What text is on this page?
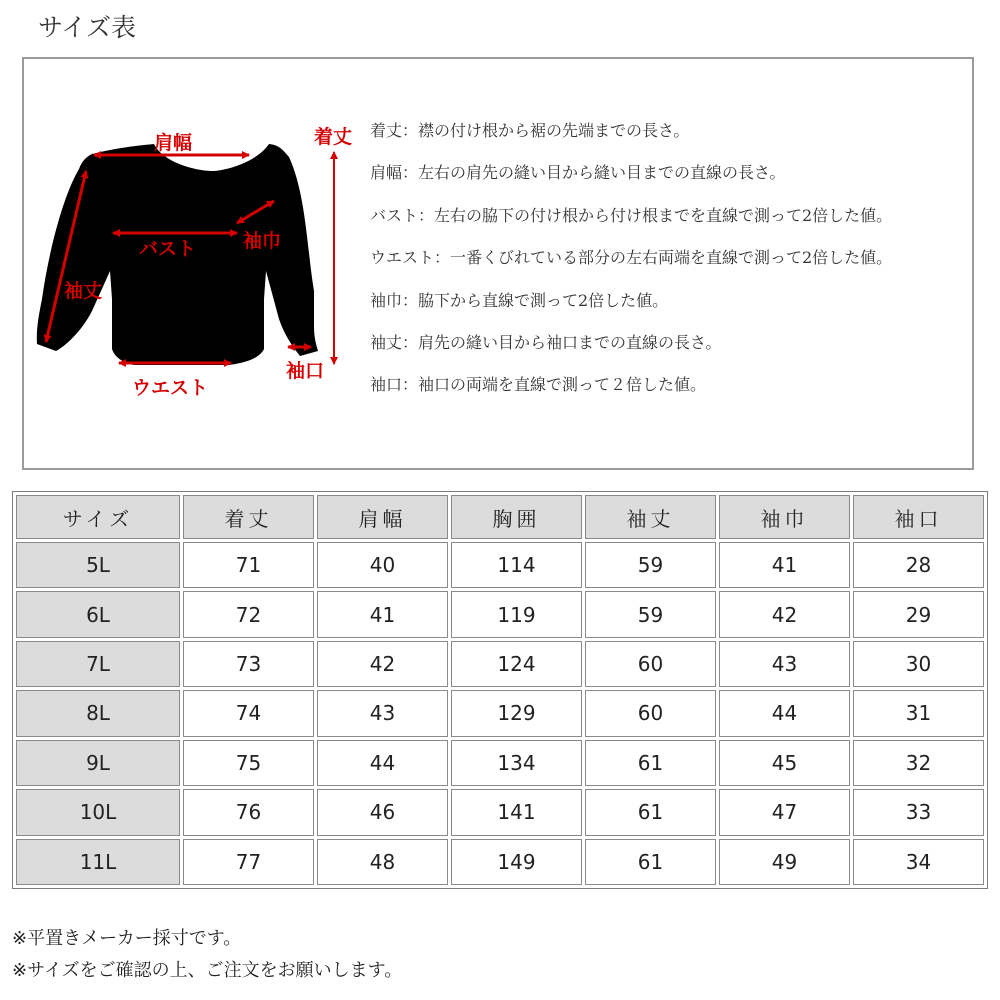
サイズ表
肩幅
バスト 袖巾
袖丈
ウエスト
袖口
着丈 着丈：襟の付け根から裾の先端までの長さ。
肩幅：左右の肩先の縫い目から縫い目までの直線の長さ。
バスト：左右の脇下の付け根から付け根までを直線で測って2倍した値。
ウエスト：一番くびれている部分の左右両端を直線で測って2倍した値。
袖巾：脇下から直線で測って2倍した値。
袖丈：肩先の縫い目から袖口までの直線の長さ。
袖口：袖口の両端を直線で測って２倍した値。
サイズ	着丈	肩幅	胸囲	袖丈	袖巾	袖口
5L	71	40	114	59	41	28
6L	72	41	119	59	42	29
7L	73	42	124	60	43	30
8L	74	43	129	60	44	31
9L	75	44	134	61	45	32
10L	76	46	141	61	47	33
11L	77	48	149	61	49	34
※平置きメーカー採寸です。
※サイズをご確認の上、ご注文をお願いします。
